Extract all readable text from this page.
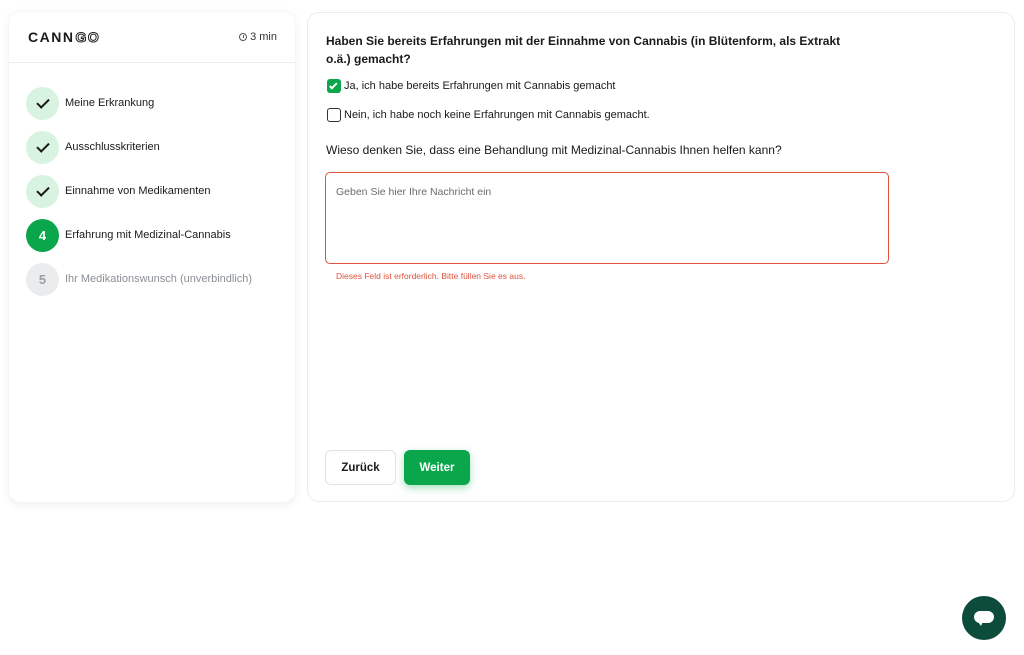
CANN GO	3 min
Meine Erkrankung
Ausschlusskriterien
Einnahme von Medikamenten
4	Erfahrung mit Medizinal-Cannabis
5	Ihr Medikationswunsch (unverbindlich)
Haben Sie bereits Erfahrungen mit der Einnahme von Cannabis (in Blütenform, als Extrakt o.ä.) gemacht?
Ja, ich habe bereits Erfahrungen mit Cannabis gemacht
Nein, ich habe noch keine Erfahrungen mit Cannabis gemacht.

Wieso denken Sie, dass eine Behandlung mit Medizinal-Cannabis Ihnen helfen kann?

Geben Sie hier Ihre Nachricht ein

Dieses Feld ist erforderlich. Bitte füllen Sie es aus.

Zurück	Weiter
